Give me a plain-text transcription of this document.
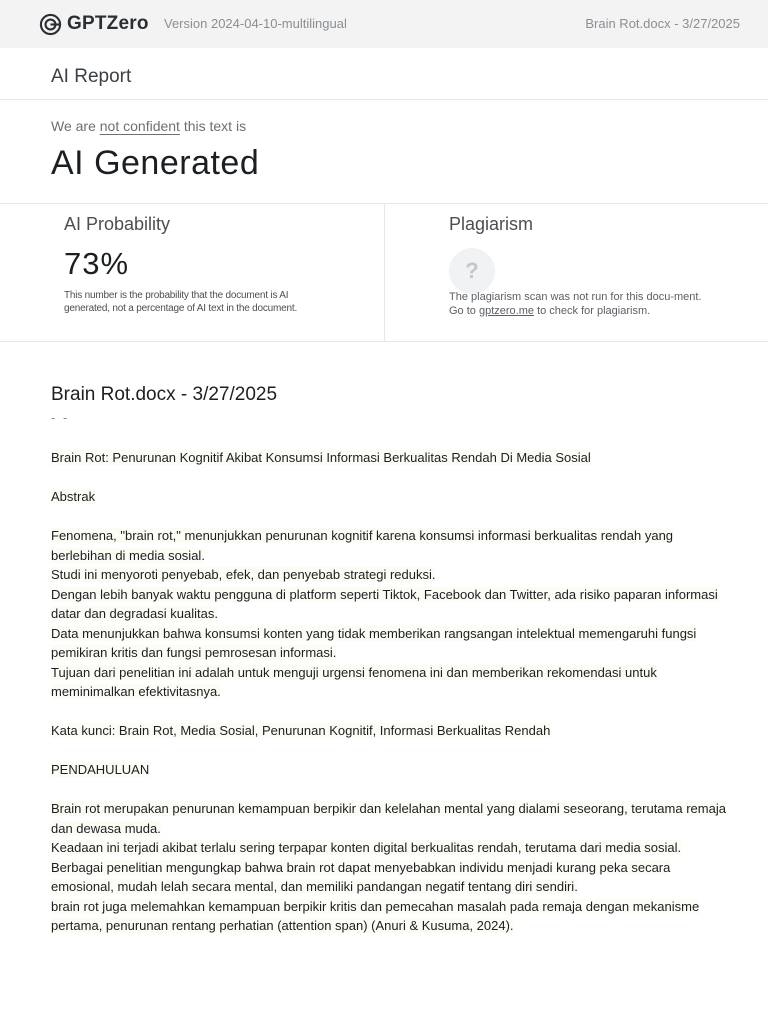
GPTZero Version 2024-04-10-multilingual	Brain Rot.docx - 3/27/2025
AI Report
We are not confident this text is
AI Generated
AI Probability
73%
This number is the probability that the document is AI generated, not a percentage of AI text in the document.
Plagiarism
?
The plagiarism scan was not run for this docu-ment. Go to gptzero.me to check for plagiarism.
Brain Rot.docx - 3/27/2025
- -
Brain Rot: Penurunan Kognitif Akibat Konsumsi Informasi Berkualitas Rendah Di Media Sosial
Abstrak
Fenomena, "brain rot," menunjukkan penurunan kognitif karena konsumsi informasi berkualitas rendah yang berlebihan di media sosial.
Studi ini menyoroti penyebab, efek, dan penyebab strategi reduksi.
Dengan lebih banyak waktu pengguna di platform seperti Tiktok, Facebook dan Twitter, ada risiko paparan informasi datar dan degradasi kualitas.
Data menunjukkan bahwa konsumsi konten yang tidak memberikan rangsangan intelektual memengaruhi fungsi pemikiran kritis dan fungsi pemrosesan informasi.
Tujuan dari penelitian ini adalah untuk menguji urgensi fenomena ini dan memberikan rekomendasi untuk meminimalkan efektivitasnya.
Kata kunci: Brain Rot, Media Sosial, Penurunan Kognitif, Informasi Berkualitas Rendah
PENDAHULUAN
Brain rot merupakan penurunan kemampuan berpikir dan kelelahan mental yang dialami seseorang, terutama remaja dan dewasa muda.
Keadaan ini terjadi akibat terlalu sering terpapar konten digital berkualitas rendah, terutama dari media sosial.
Berbagai penelitian mengungkap bahwa brain rot dapat menyebabkan individu menjadi kurang peka secara emosional, mudah lelah secara mental, dan memiliki pandangan negatif tentang diri sendiri.
brain rot juga melemahkan kemampuan berpikir kritis dan pemecahan masalah pada remaja dengan mekanisme pertama, penurunan rentang perhatian (attention span) (Anuri & Kusuma, 2024).
